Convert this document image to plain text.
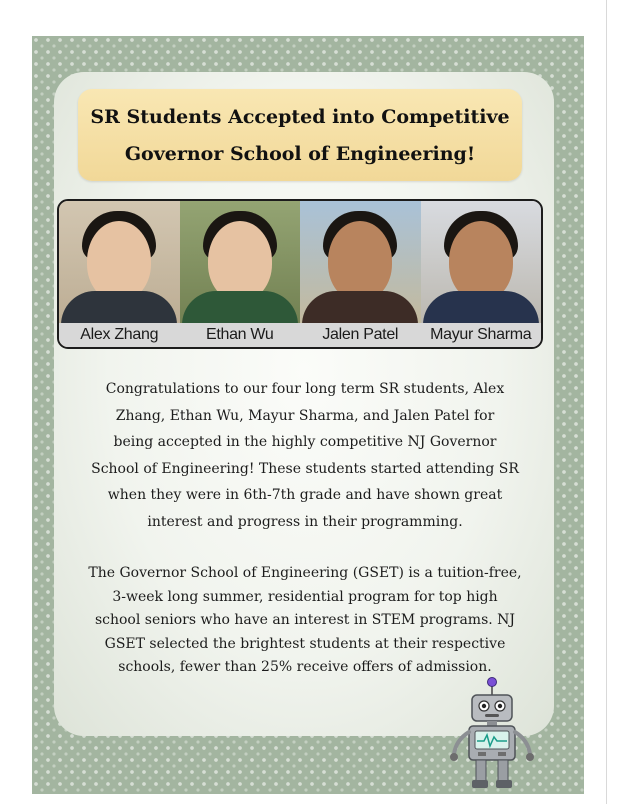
SR Students Accepted into Competitive
Governor School of Engineering!
Alex Zhang	Ethan Wu	Jalen Patel	Mayur Sharma
Congratulations to our four long term SR students, Alex
Zhang, Ethan Wu, Mayur Sharma, and Jalen Patel for
being accepted in the highly competitive NJ Governor
School of Engineering! These students started attending SR
when they were in 6th-7th grade and have shown great
interest and progress in their programming.
The Governor School of Engineering (GSET) is a tuition-free,
3-week long summer, residential program for top high
school seniors who have an interest in STEM programs. NJ
GSET selected the brightest students at their respective
schools, fewer than 25% receive offers of admission.
